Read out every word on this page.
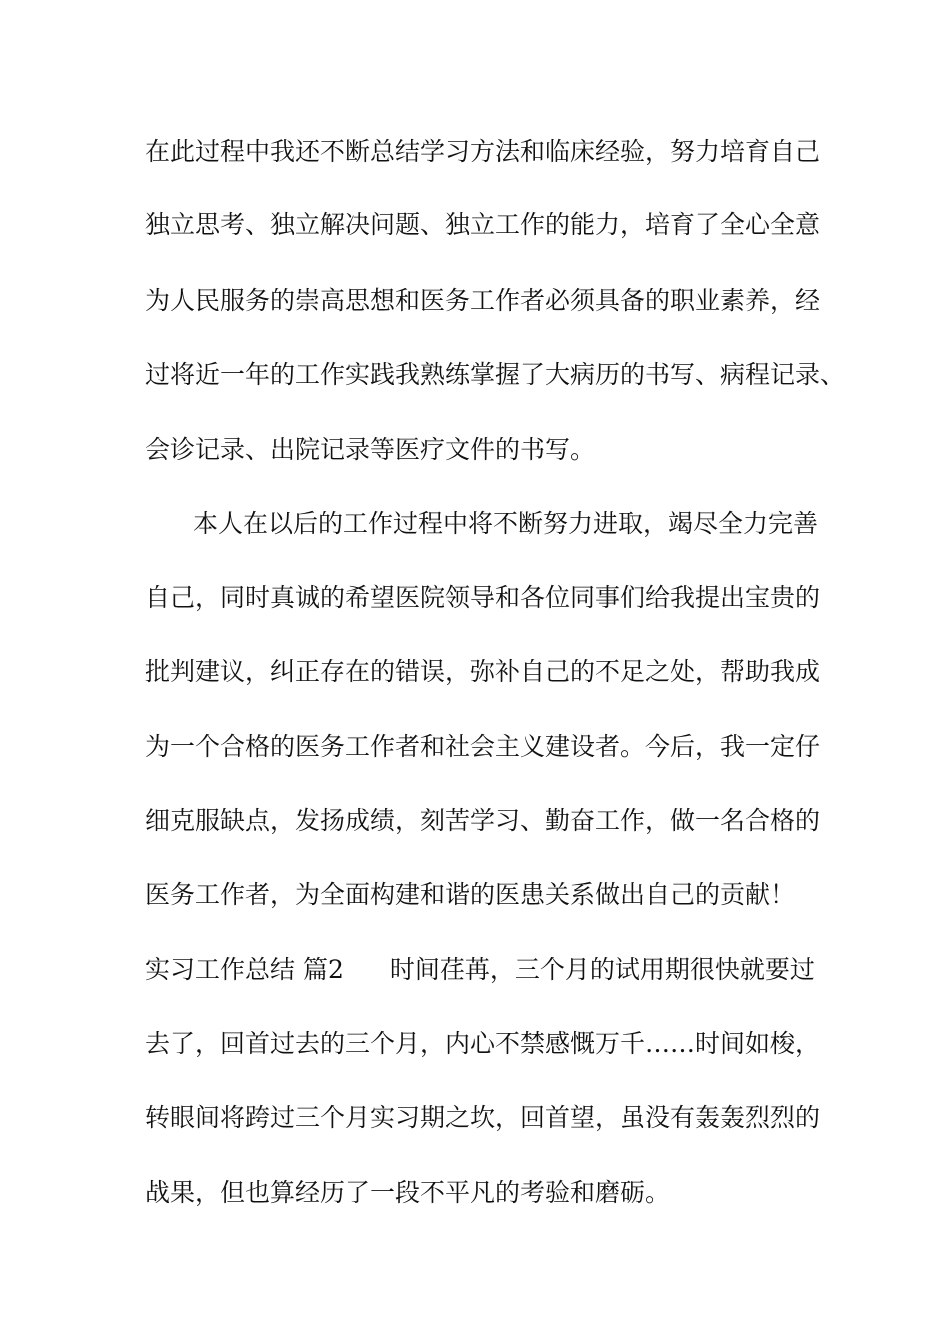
在此过程中我还不断总结学习方法和临床经验，努力培育自己

独立思考、独立解决问题、独立工作的能力，培育了全心全意

为人民服务的崇高思想和医务工作者必须具备的职业素养，经

过将近一年的工作实践我熟练掌握了大病历的书写、病程记录、

会诊记录、出院记录等医疗文件的书写。

本人在以后的工作过程中将不断努力进取，竭尽全力完善

自己，同时真诚的希望医院领导和各位同事们给我提出宝贵的

批判建议，纠正存在的错误，弥补自己的不足之处，帮助我成

为一个合格的医务工作者和社会主义建设者。今后，我一定仔

细克服缺点，发扬成绩，刻苦学习、勤奋工作，做一名合格的

医务工作者，为全面构建和谐的医患关系做出自己的贡献！

实习工作总结 篇2 时间荏苒，三个月的试用期很快就要过

去了，回首过去的三个月，内心不禁感慨万千……时间如梭，

转眼间将跨过三个月实习期之坎，回首望，虽没有轰轰烈烈的

战果，但也算经历了一段不平凡的考验和磨砺。
